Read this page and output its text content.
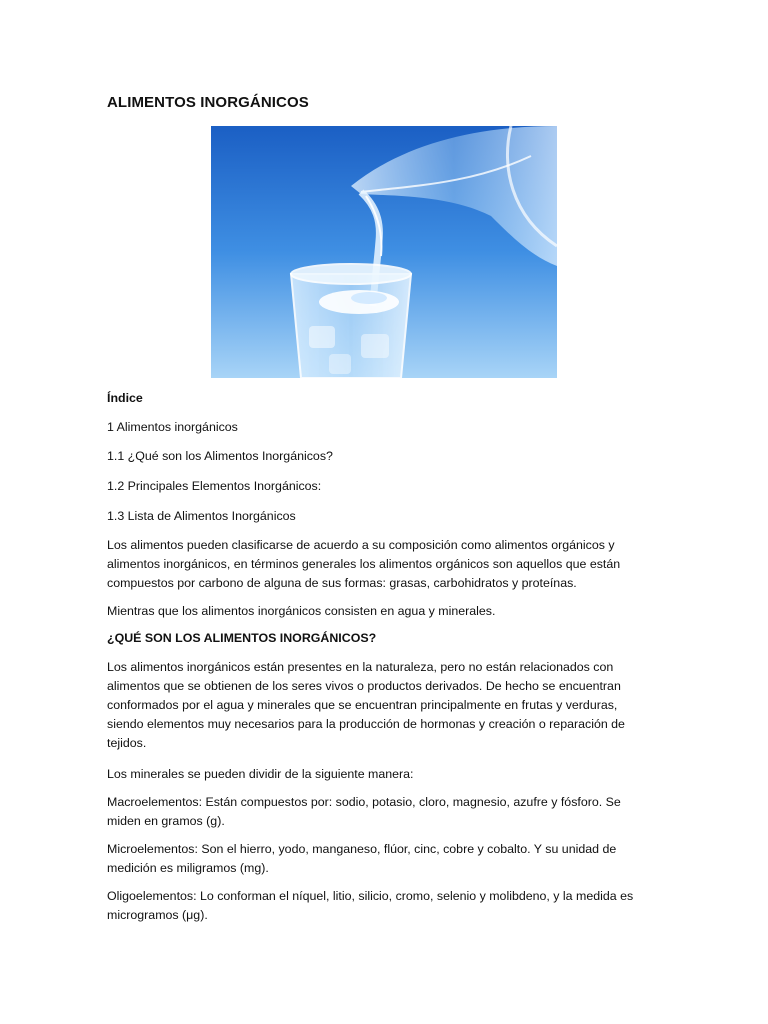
ALIMENTOS INORGÁNICOS
Índice
1 Alimentos inorgánicos
1.1 ¿Qué son los Alimentos Inorgánicos?
1.2 Principales Elementos Inorgánicos:
1.3 Lista de Alimentos Inorgánicos
Los alimentos pueden clasificarse de acuerdo a su composición como alimentos orgánicos y
alimentos inorgánicos, en términos generales los alimentos orgánicos son aquellos que están
compuestos por carbono de alguna de sus formas: grasas, carbohidratos y proteínas.
Mientras que los alimentos inorgánicos consisten en agua y minerales.
¿QUÉ SON LOS ALIMENTOS INORGÁNICOS?
Los alimentos inorgánicos están presentes en la naturaleza, pero no están relacionados con
alimentos que se obtienen de los seres vivos o productos derivados. De hecho se encuentran
conformados por el agua y minerales que se encuentran principalmente en frutas y verduras,
siendo elementos muy necesarios para la producción de hormonas y creación o reparación de
tejidos.
Los minerales se pueden dividir de la siguiente manera:
Macroelementos: Están compuestos por: sodio, potasio, cloro, magnesio, azufre y fósforo. Se
miden en gramos (g).
Microelementos: Son el hierro, yodo, manganeso, flúor, cinc, cobre y cobalto. Y su unidad de
medición es miligramos (mg).
Oligoelementos: Lo conforman el níquel, litio, silicio, cromo, selenio y molibdeno, y la medida es
microgramos (μg).
